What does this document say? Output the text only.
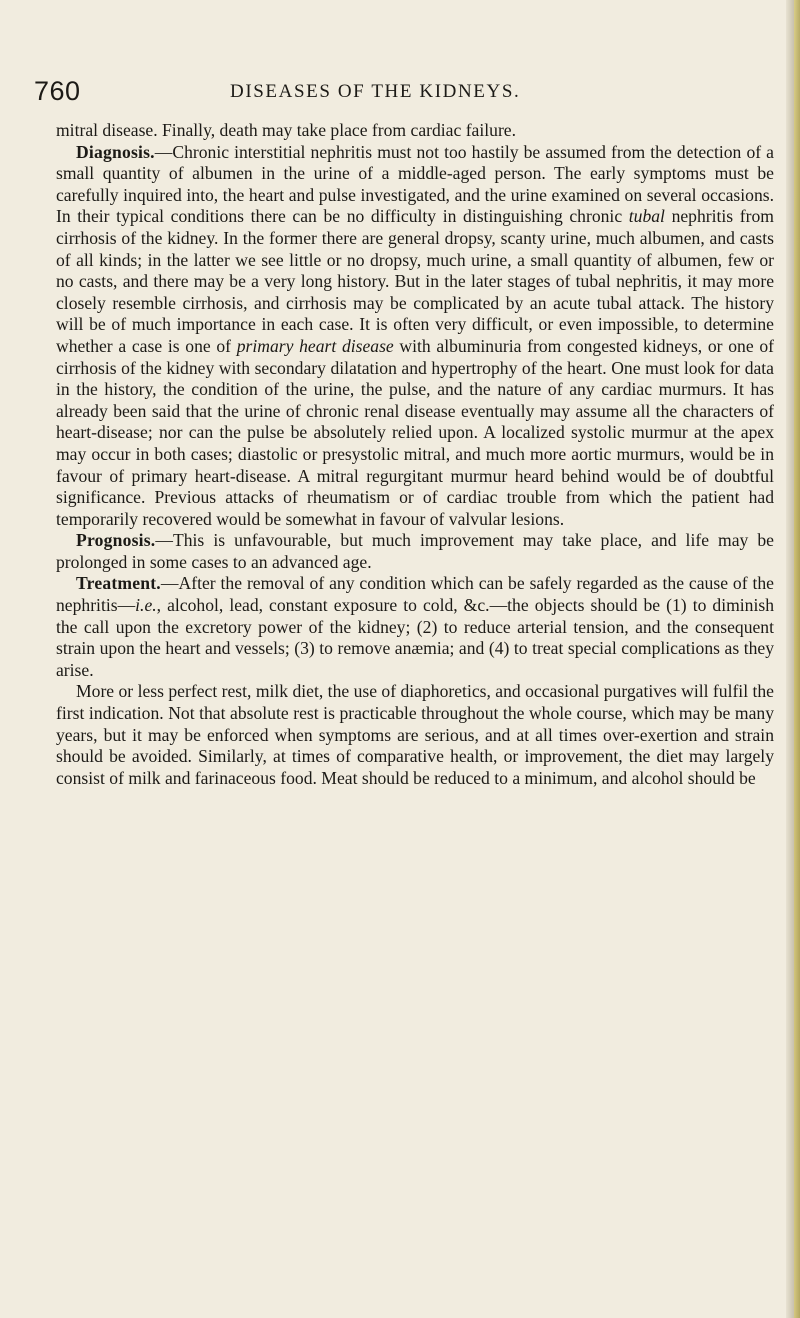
760	DISEASES OF THE KIDNEYS.

mitral disease. Finally, death may take place from cardiac failure.

Diagnosis.—Chronic interstitial nephritis must not too hastily be assumed from the detection of a small quantity of albumen in the urine of a middle-aged person. The early symptoms must be carefully inquired into, the heart and pulse investigated, and the urine examined on several occasions. In their typical conditions there can be no difficulty in distinguishing chronic tubal nephritis from cirrhosis of the kidney. In the former there are general dropsy, scanty urine, much albumen, and casts of all kinds; in the latter we see little or no dropsy, much urine, a small quantity of albumen, few or no casts, and there may be a very long history. But in the later stages of tubal nephritis, it may more closely resemble cirrhosis, and cirrhosis may be complicated by an acute tubal attack. The history will be of much importance in each case. It is often very difficult, or even impossible, to determine whether a case is one of primary heart disease with albuminuria from congested kidneys, or one of cirrhosis of the kidney with secondary dilatation and hypertrophy of the heart. One must look for data in the history, the condition of the urine, the pulse, and the nature of any cardiac murmurs. It has already been said that the urine of chronic renal disease eventually may assume all the characters of heart-disease; nor can the pulse be absolutely relied upon. A localized systolic murmur at the apex may occur in both cases; diastolic or presystolic mitral, and much more aortic murmurs, would be in favour of primary heart-disease. A mitral regurgitant murmur heard behind would be of doubtful significance. Previous attacks of rheumatism or of cardiac trouble from which the patient had temporarily recovered would be somewhat in favour of valvular lesions.

Prognosis.—This is unfavourable, but much improvement may take place, and life may be prolonged in some cases to an advanced age.

Treatment.—After the removal of any condition which can be safely regarded as the cause of the nephritis—i.e., alcohol, lead, constant exposure to cold, &c.—the objects should be (1) to diminish the call upon the excretory power of the kidney; (2) to reduce arterial tension, and the consequent strain upon the heart and vessels; (3) to remove anæmia; and (4) to treat special complications as they arise.

More or less perfect rest, milk diet, the use of diaphoretics, and occasional purgatives will fulfil the first indication. Not that absolute rest is practicable throughout the whole course, which may be many years, but it may be enforced when symptoms are serious, and at all times over-exertion and strain should be avoided. Similarly, at times of comparative health, or improvement, the diet may largely consist of milk and farinaceous food. Meat should be reduced to a minimum, and alcohol should be
